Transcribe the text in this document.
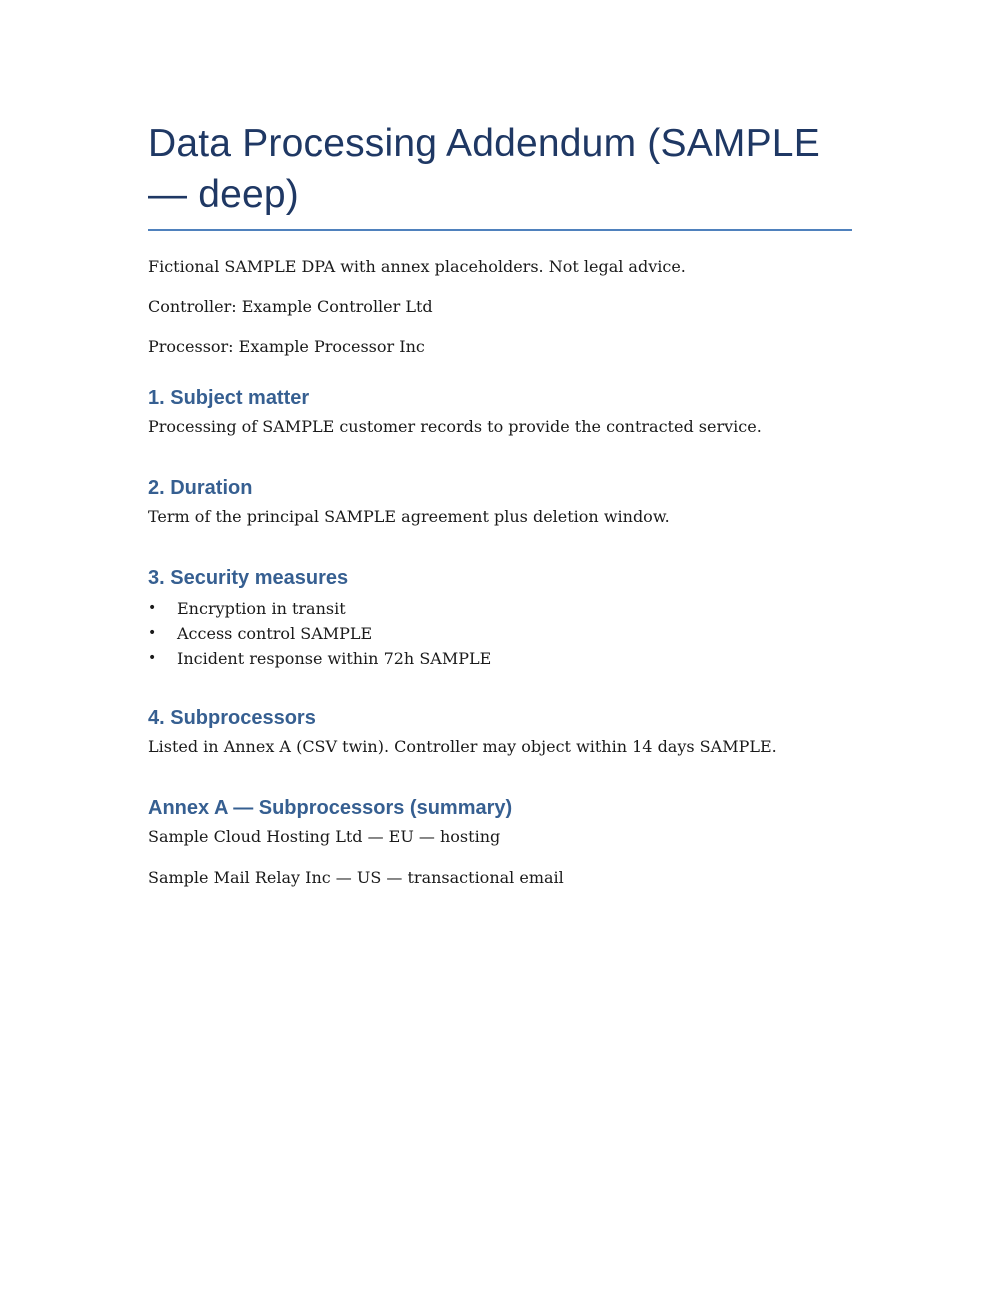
Data Processing Addendum (SAMPLE — deep)

Fictional SAMPLE DPA with annex placeholders. Not legal advice.

Controller: Example Controller Ltd

Processor: Example Processor Inc

1. Subject matter

Processing of SAMPLE customer records to provide the contracted service.

2. Duration

Term of the principal SAMPLE agreement plus deletion window.

3. Security measures
• Encryption in transit
• Access control SAMPLE
• Incident response within 72h SAMPLE
4. Subprocessors

Listed in Annex A (CSV twin). Controller may object within 14 days SAMPLE.

Annex A — Subprocessors (summary)

Sample Cloud Hosting Ltd — EU — hosting

Sample Mail Relay Inc — US — transactional email
